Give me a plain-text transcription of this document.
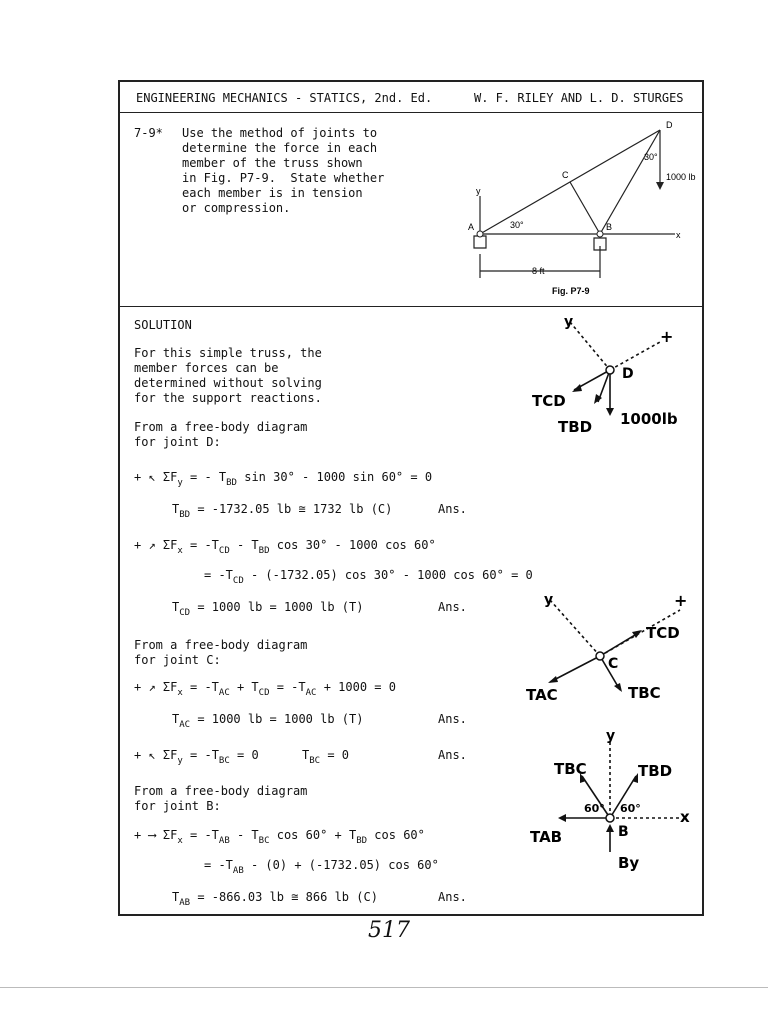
ENGINEERING MECHANICS - STATICS, 2nd. Ed.	W. F. RILEY AND L. D. STURGES
7-9* Use the method of joints to
determine the force in each
member of the truss shown
in Fig. P7-9.  State whether
each member is in tension
or compression.
A	B
C
D
y
x
30°
30°
1000 lb
8 ft
Fig. P7-9
SOLUTION
For this simple truss, the
member forces can be
determined without solving
for the support reactions.
From a free-body diagram
for joint D:
+ ↖ $\Sigma F_y$ = - $T_{BD}$ sin 30° - 1000 sin 60° = 0
$T_{BD} = -1732.05$ lb ≅ 1732 lb (C)	Ans.
+ ↗ $\Sigma F_x = -T_{CD} - T_{BD}$ cos 30° - 1000 cos 60°
= $-T_{CD} - (-1732.05)$ cos 30° - 1000 cos 60° = 0
$T_{CD} = 1000$ lb = 1000 lb (T)	Ans.
From a free-body diagram
for joint C:
+ ↗ $\Sigma F_x = -T_{AC} + T_{CD} = -T_{AC} + 1000 = 0$
$T_{AC} = 1000$ lb = 1000 lb (T)	Ans.
+ ↖ $\Sigma F_y = -T_{BC} = 0$      $T_{BC} = 0$	Ans.
From a free-body diagram
for joint B:
+ ⟶ $\Sigma F_x = -T_{AB} - T_{BC}$ $\cos 60^\circ + T_{BD}$ cos 60°
= $-T_{AB} - (0) + (-1732.05)$ cos 60°
$T_{AB} = -866.03$ lb ≅ 866 lb (C)	Ans.
y
+
D
TCD
TBD 1000lb
y	+
C
TCD
TAC	TBC
y
x
B
TBC	TBD
TAB
By
60° 60°
517
